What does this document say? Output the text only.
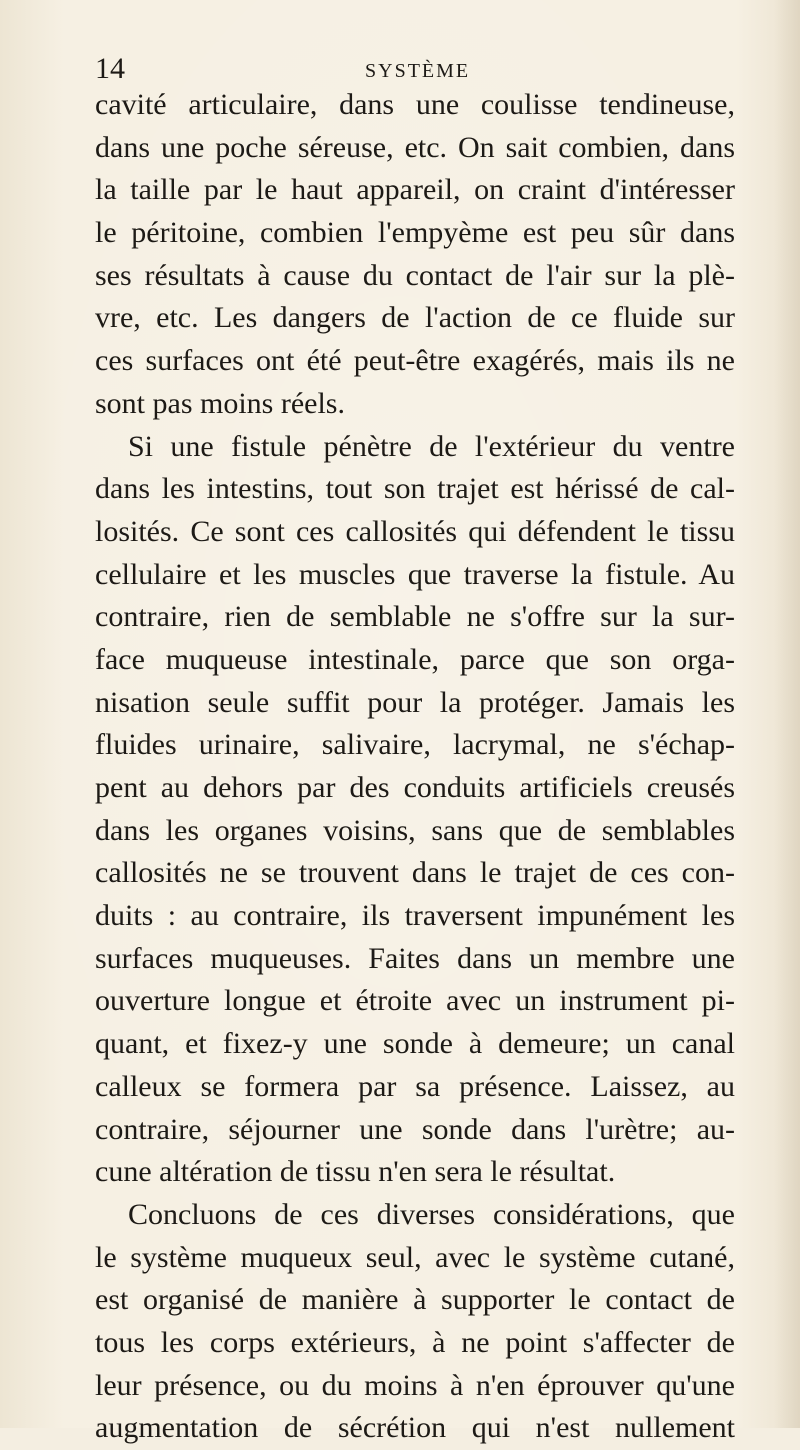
14	SYSTÈME
cavité articulaire, dans une coulisse tendineuse,
dans une poche séreuse, etc. On sait combien, dans
la taille par le haut appareil, on craint d'intéresser
le péritoine, combien l'empyème est peu sûr dans
ses résultats à cause du contact de l'air sur la plè-
vre, etc. Les dangers de l'action de ce fluide sur
ces surfaces ont été peut-être exagérés, mais ils ne
sont pas moins réels.
Si une fistule pénètre de l'extérieur du ventre
dans les intestins, tout son trajet est hérissé de cal-
losités. Ce sont ces callosités qui défendent le tissu
cellulaire et les muscles que traverse la fistule. Au
contraire, rien de semblable ne s'offre sur la sur-
face muqueuse intestinale, parce que son orga-
nisation seule suffit pour la protéger. Jamais les
fluides urinaire, salivaire, lacrymal, ne s'échap-
pent au dehors par des conduits artificiels creusés
dans les organes voisins, sans que de semblables
callosités ne se trouvent dans le trajet de ces con-
duits : au contraire, ils traversent impunément les
surfaces muqueuses. Faites dans un membre une
ouverture longue et étroite avec un instrument pi-
quant, et fixez-y une sonde à demeure; un canal
calleux se formera par sa présence. Laissez, au
contraire, séjourner une sonde dans l'urètre; au-
cune altération de tissu n'en sera le résultat.
Concluons de ces diverses considérations, que
le système muqueux seul, avec le système cutané,
est organisé de manière à supporter le contact de
tous les corps extérieurs, à ne point s'affecter de
leur présence, ou du moins à n'en éprouver qu'une
augmentation de sécrétion qui n'est nullement
